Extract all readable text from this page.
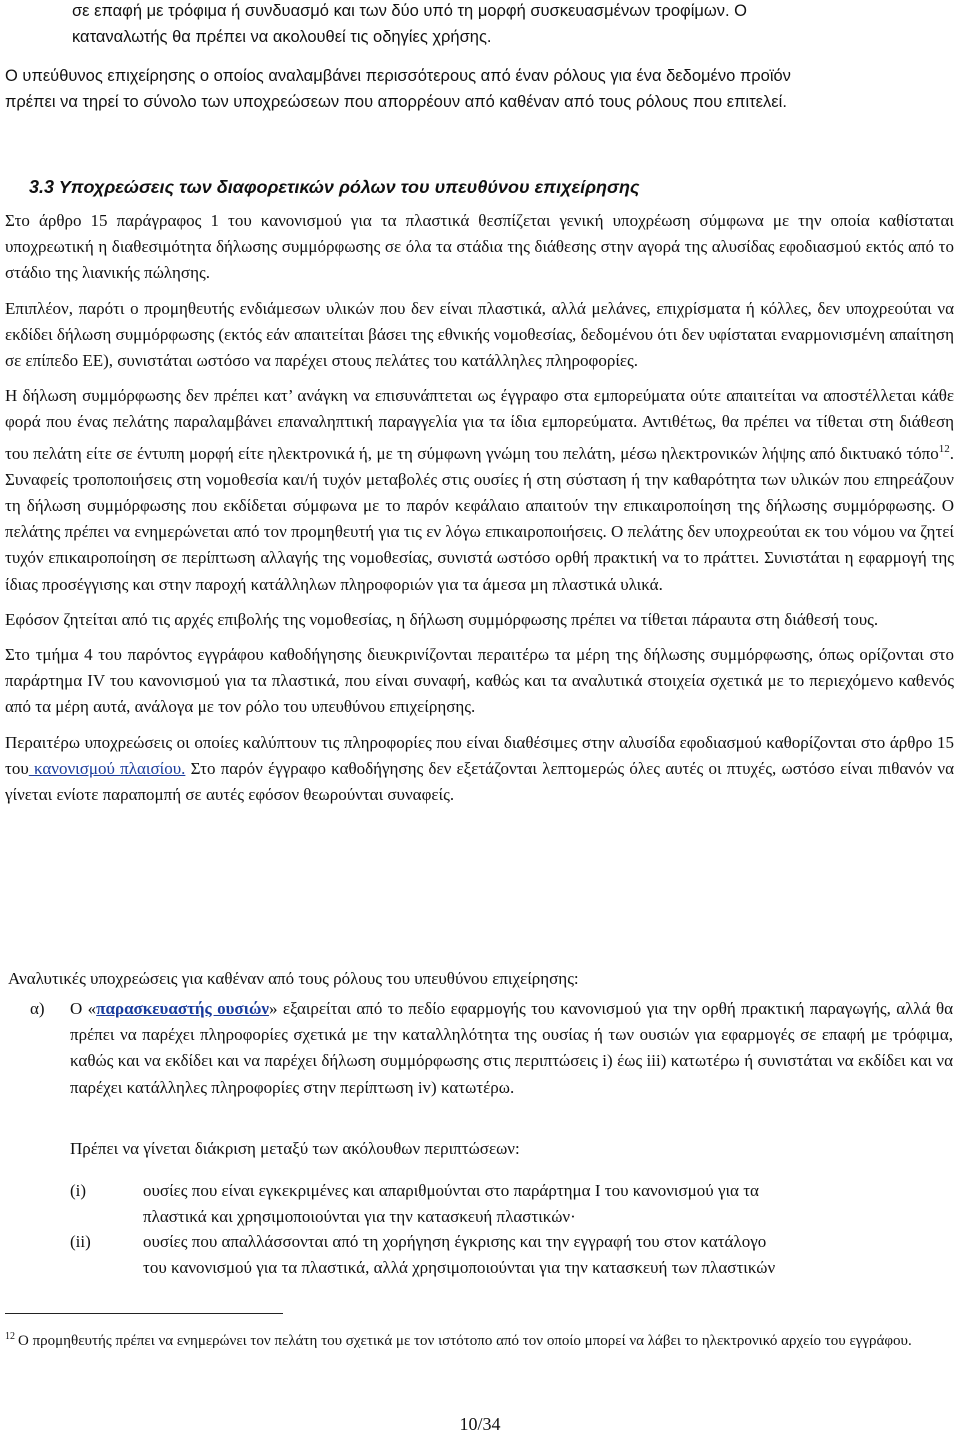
σε επαφή με τρόφιμα ή συνδυασμό και των δύο υπό τη μορφή συσκευασμένων τροφίμων. Ο
καταναλωτής θα πρέπει να ακολουθεί τις οδηγίες χρήσης.
Ο υπεύθυνος επιχείρησης ο οποίος αναλαμβάνει περισσότερους από έναν ρόλους για ένα δεδομένο προϊόν
πρέπει να τηρεί το σύνολο των υποχρεώσεων που απορρέουν από καθέναν από τους ρόλους που επιτελεί.
3.3 Υποχρεώσεις των διαφορετικών ρόλων του υπευθύνου επιχείρησης

Στο άρθρο 15 παράγραφος 1 του κανονισμού για τα πλαστικά θεσπίζεται γενική υποχρέωση σύμφωνα με την οποία καθίσταται υποχρεωτική η διαθεσιμότητα δήλωσης συμμόρφωσης σε όλα τα στάδια της διάθεσης στην αγορά της αλυσίδας εφοδιασμού εκτός από το στάδιο της λιανικής πώλησης.

Επιπλέον, παρότι ο προμηθευτής ενδιάμεσων υλικών που δεν είναι πλαστικά, αλλά μελάνες, επιχρίσματα ή κόλλες, δεν υποχρεούται να εκδίδει δήλωση συμμόρφωσης (εκτός εάν απαιτείται βάσει της εθνικής νομοθεσίας, δεδομένου ότι δεν υφίσταται εναρμονισμένη απαίτηση σε επίπεδο ΕΕ), συνιστάται ωστόσο να παρέχει στους πελάτες του κατάλληλες πληροφορίες.

Η δήλωση συμμόρφωσης δεν πρέπει κατ’ ανάγκη να επισυνάπτεται ως έγγραφο στα εμπορεύματα ούτε απαιτείται να αποστέλλεται κάθε φορά που ένας πελάτης παραλαμβάνει επαναληπτική παραγγελία για τα ίδια εμπορεύματα. Αντιθέτως, θα πρέπει να τίθεται στη διάθεση του πελάτη είτε σε έντυπη μορφή είτε ηλεκτρονικά ή, με τη σύμφωνη γνώμη του πελάτη, μέσω ηλεκτρονικών λήψης από δικτυακό τόπο$^{12}$. Συναφείς τροποποιήσεις στη νομοθεσία και/ή τυχόν μεταβολές στις ουσίες ή στη σύσταση ή την καθαρότητα των υλικών που επηρεάζουν τη δήλωση συμμόρφωσης που εκδίδεται σύμφωνα με το παρόν κεφάλαιο απαιτούν την επικαιροποίηση της δήλωσης συμμόρφωσης. Ο πελάτης πρέπει να ενημερώνεται από τον προμηθευτή για τις εν λόγω επικαιροποιήσεις. Ο πελάτης δεν υποχρεούται εκ του νόμου να ζητεί τυχόν επικαιροποίηση σε περίπτωση αλλαγής της νομοθεσίας, συνιστά ωστόσο ορθή πρακτική να το πράττει. Συνιστάται η εφαρμογή της ίδιας προσέγγισης και στην παροχή κατάλληλων πληροφοριών για τα άμεσα μη πλαστικά υλικά.

Εφόσον ζητείται από τις αρχές επιβολής της νομοθεσίας, η δήλωση συμμόρφωσης πρέπει να τίθεται πάραυτα στη διάθεσή τους.

Στο τμήμα 4 του παρόντος εγγράφου καθοδήγησης διευκρινίζονται περαιτέρω τα μέρη της δήλωσης συμμόρφωσης, όπως ορίζονται στο παράρτημα IV του κανονισμού για τα πλαστικά, που είναι συναφή, καθώς και τα αναλυτικά στοιχεία σχετικά με το περιεχόμενο καθενός από τα μέρη αυτά, ανάλογα με τον ρόλο του υπευθύνου επιχείρησης.

Περαιτέρω υποχρεώσεις οι οποίες καλύπτουν τις πληροφορίες που είναι διαθέσιμες στην αλυσίδα εφοδιασμού καθορίζονται στο άρθρο 15 του κανονισμού πλαισίου. Στο παρόν έγγραφο καθοδήγησης δεν εξετάζονται λεπτομερώς όλες αυτές οι πτυχές, ωστόσο είναι πιθανόν να γίνεται ενίοτε παραπομπή σε αυτές εφόσον θεωρούνται συναφείς.

Αναλυτικές υποχρεώσεις για καθέναν από τους ρόλους του υπευθύνου επιχείρησης:
α) Ο «παρασκευαστής ουσιών» εξαιρείται από το πεδίο εφαρμογής του κανονισμού για την ορθή πρακτική παραγωγής, αλλά θα πρέπει να παρέχει πληροφορίες σχετικά με την καταλληλότητα της ουσίας ή των ουσιών για εφαρμογές σε επαφή με τρόφιμα, καθώς και να εκδίδει και να παρέχει δήλωση συμμόρφωσης στις περιπτώσεις i) έως iii) κατωτέρω ή συνιστάται να εκδίδει και να παρέχει κατάλληλες πληροφορίες στην περίπτωση iv) κατωτέρω.
Πρέπει να γίνεται διάκριση μεταξύ των ακόλουθων περιπτώσεων:
(i)	ουσίες που είναι εγκεκριμένες και απαριθμούνται στο παράρτημα I του κανονισμού για τα
πλαστικά και χρησιμοποιούνται για την κατασκευή πλαστικών·
(ii)	ουσίες που απαλλάσσονται από τη χορήγηση έγκρισης και την εγγραφή του στον κατάλογο
του κανονισμού για τα πλαστικά, αλλά χρησιμοποιούνται για την κατασκευή των πλαστικών
$^{12}$ Ο προμηθευτής πρέπει να ενημερώνει τον πελάτη του σχετικά με τον ιστότοπο από τον οποίο μπορεί να λάβει το ηλεκτρονικό αρχείο του εγγράφου.
10/34
